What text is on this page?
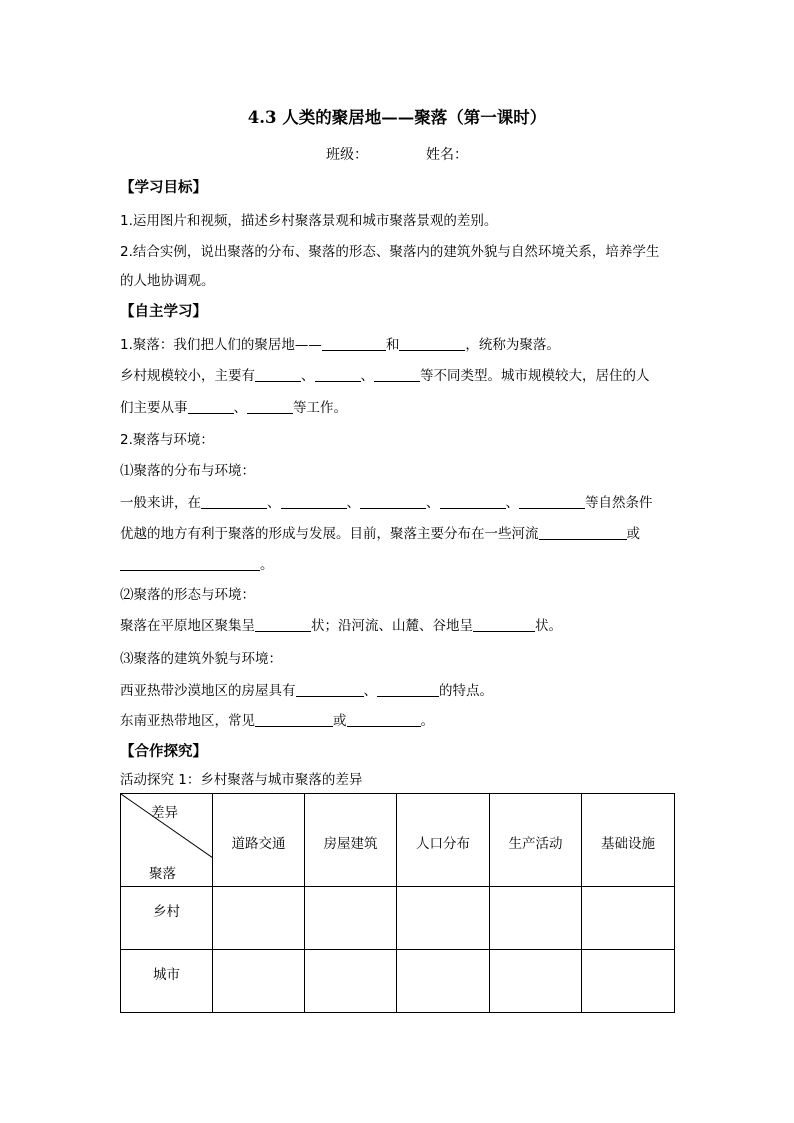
4.3 人类的聚居地——聚落（第一课时）
班级：	姓名：
【学习目标】
1.运用图片和视频，描述乡村聚落景观和城市聚落景观的差别。
2.结合实例，说出聚落的分布、聚落的形态、聚落内的建筑外貌与自然环境关系，培养学生
的人地协调观。
【自主学习】
1.聚落：我们把人们的聚居地——	和	，统称为聚落。
乡村规模较小，主要有	、	、	等不同类型。城市规模较大，居住的人
们主要从事	、	等工作。
2.聚落与环境：
⑴聚落的分布与环境：
一般来讲，在	、	、	、	、	等自然条件
优越的地方有利于聚落的形成与发展。目前，聚落主要分布在一些河流	或
。
⑵聚落的形态与环境：
聚落在平原地区聚集呈	状；沿河流、山麓、谷地呈	状。
⑶聚落的建筑外貌与环境：
西亚热带沙漠地区的房屋具有	、	的特点。
东南亚热带地区，常见	或	。
【合作探究】
活动探究 1：乡村聚落与城市聚落的差异
差异
聚落	道路交通	房屋建筑	人口分布	生产活动	基础设施
乡村					
城市					
